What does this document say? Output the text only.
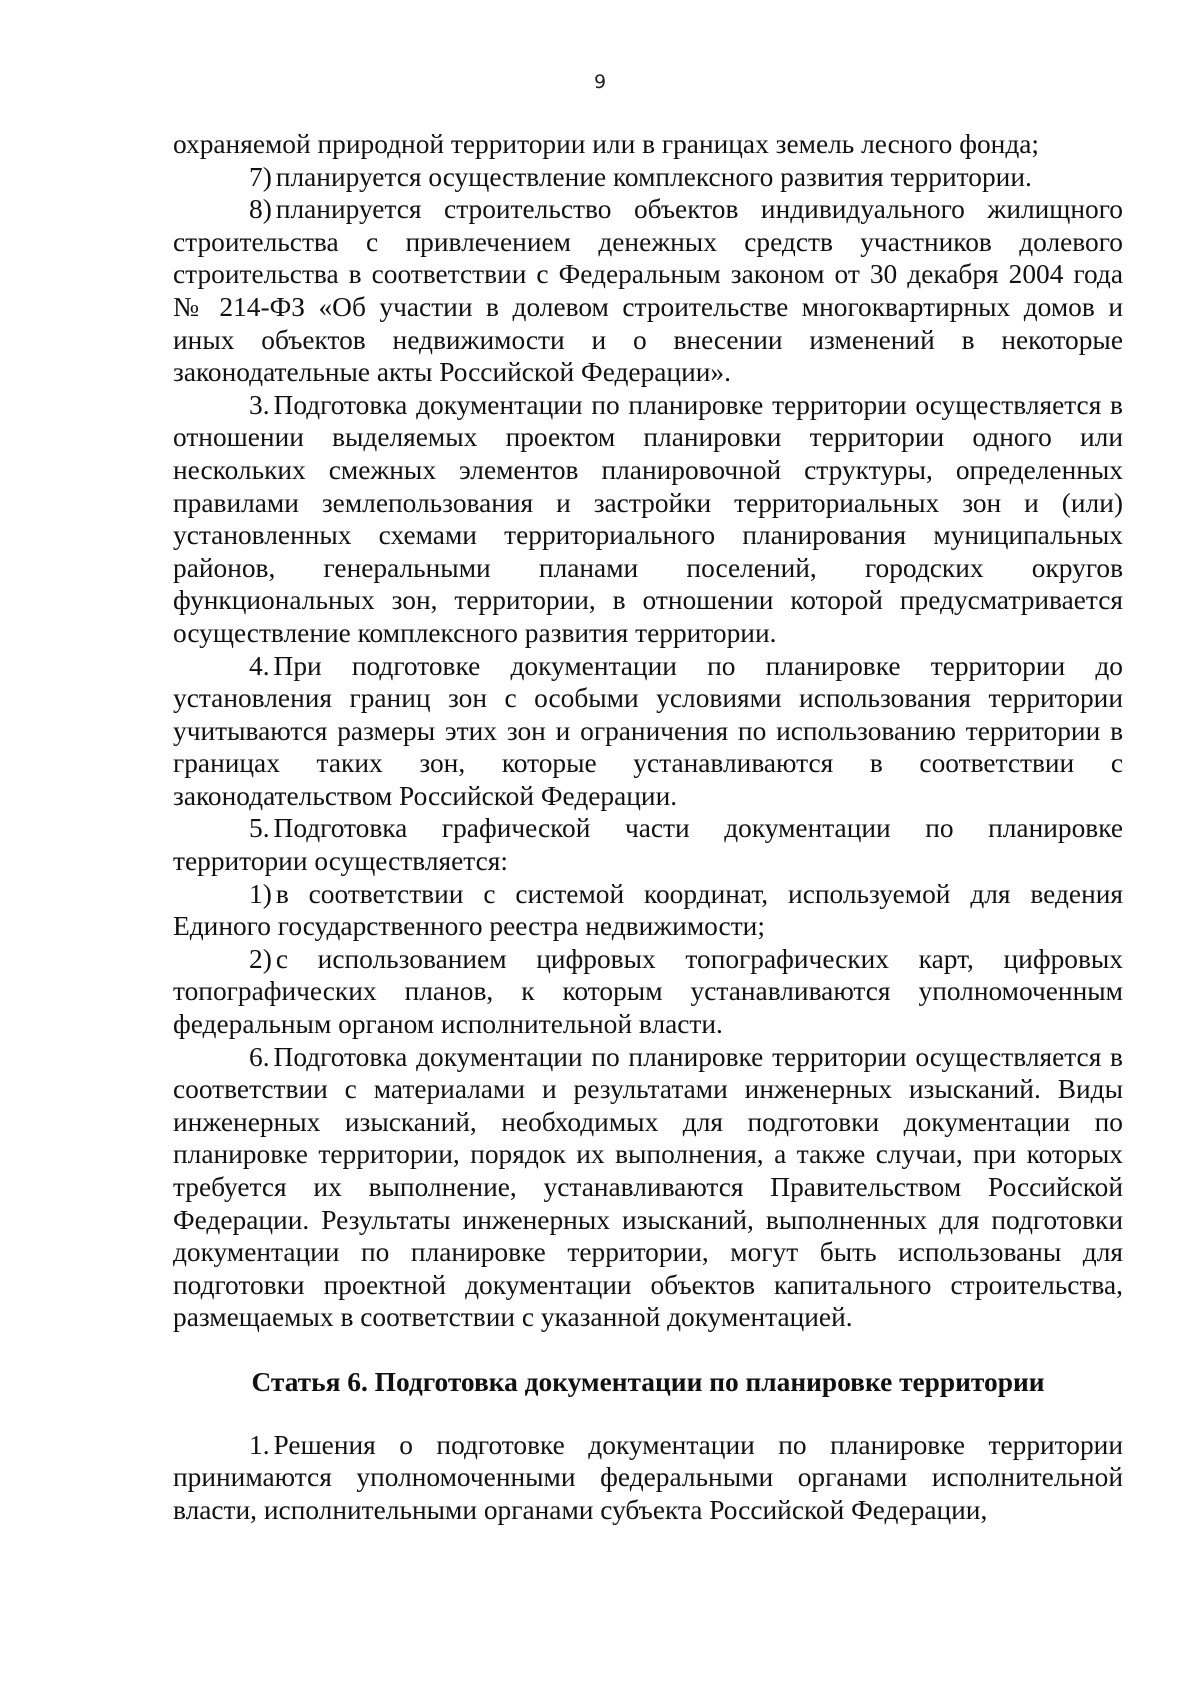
9

охраняемой природной территории или в границах земель лесного фонда;

7) планируется осуществление комплексного развития территории.

8) планируется строительство объектов индивидуального жилищного строительства с привлечением денежных средств участников долевого строительства в соответствии с Федеральным законом от 30 декабря 2004 года № 214-ФЗ «Об участии в долевом строительстве многоквартирных домов и иных объектов недвижимости и о внесении изменений в некоторые законодательные акты Российской Федерации».

3. Подготовка документации по планировке территории осуществляется в отношении выделяемых проектом планировки территории одного или нескольких смежных элементов планировочной структуры, определенных правилами землепользования и застройки территориальных зон и (или) установленных схемами территориального планирования муниципальных районов, генеральными планами поселений, городских округов функциональных зон, территории, в отношении которой предусматривается осуществление комплексного развития территории.

4. При подготовке документации по планировке территории до установления границ зон с особыми условиями использования территории учитываются размеры этих зон и ограничения по использованию территории в границах таких зон, которые устанавливаются в соответствии с законодательством Российской Федерации.

5. Подготовка графической части документации по планировке территории осуществляется:

1) в соответствии с системой координат, используемой для ведения Единого государственного реестра недвижимости;

2) с использованием цифровых топографических карт, цифровых топографических планов, к которым устанавливаются уполномоченным федеральным органом исполнительной власти.

6. Подготовка документации по планировке территории осуществляется в соответствии с материалами и результатами инженерных изысканий. Виды инженерных изысканий, необходимых для подготовки документации по планировке территории, порядок их выполнения, а также случаи, при которых требуется их выполнение, устанавливаются Правительством Российской Федерации. Результаты инженерных изысканий, выполненных для подготовки документации по планировке территории, могут быть использованы для подготовки проектной документации объектов капитального строительства, размещаемых в соответствии с указанной документацией.

Статья 6. Подготовка документации по планировке территории

1. Решения о подготовке документации по планировке территории принимаются уполномоченными федеральными органами исполнительной власти, исполнительными органами субъекта Российской Федерации,
